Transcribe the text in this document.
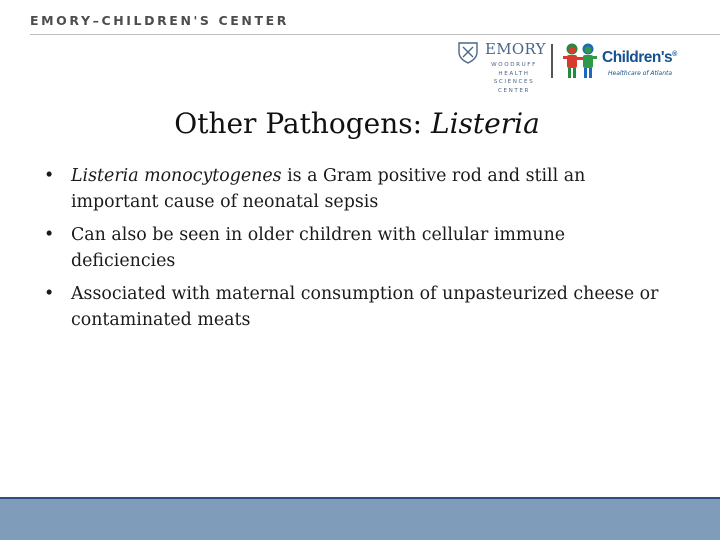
EMORY–CHILDREN'S CENTER
EMORY
WOODRUFF HEALTH SCIENCES CENTER
Children's®
Healthcare of Atlanta
Other Pathogens: Listeria
• Listeria monocytogenes is a Gram positive rod and still an important cause of neonatal sepsis
• Can also be seen in older children with cellular immune deficiencies
• Associated with maternal consumption of unpasteurized cheese or contaminated meats
